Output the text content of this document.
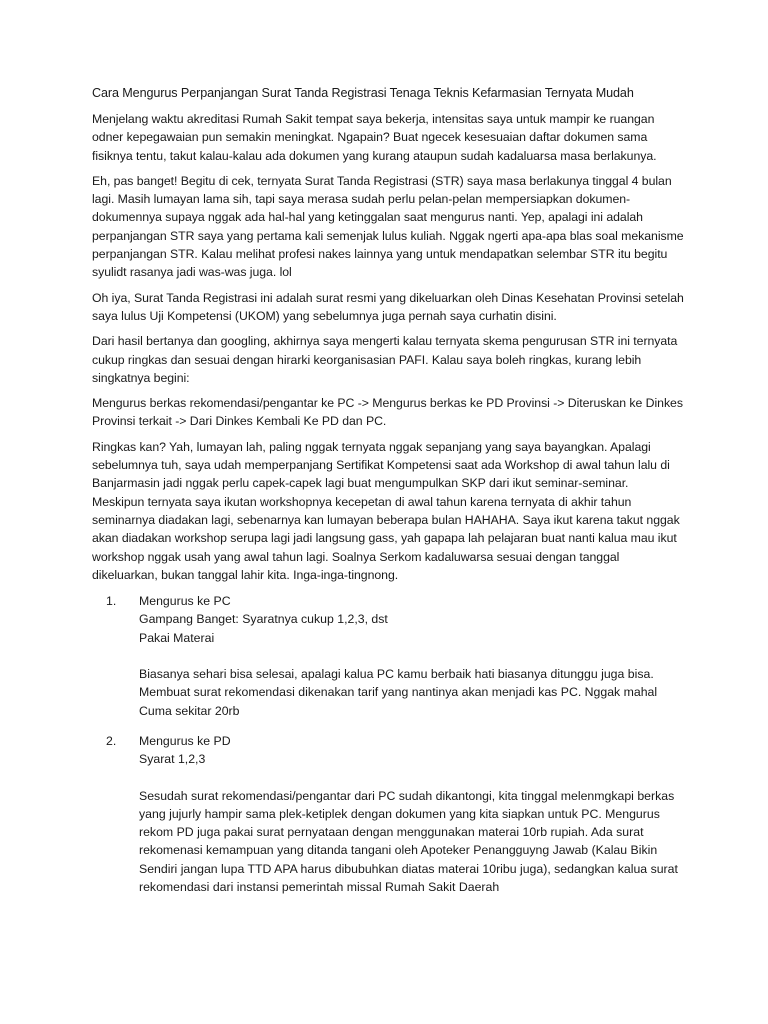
Cara Mengurus Perpanjangan Surat Tanda Registrasi Tenaga Teknis Kefarmasian Ternyata Mudah

Menjelang waktu akreditasi Rumah Sakit tempat saya bekerja, intensitas saya untuk mampir ke ruangan odner kepegawaian pun semakin meningkat. Ngapain? Buat ngecek kesesuaian daftar dokumen sama fisiknya tentu, takut kalau-kalau ada dokumen yang kurang ataupun sudah kadaluarsa masa berlakunya.

Eh, pas banget! Begitu di cek, ternyata Surat Tanda Registrasi (STR) saya masa berlakunya tinggal 4 bulan lagi. Masih lumayan lama sih, tapi saya merasa sudah perlu pelan-pelan mempersiapkan dokumen-dokumennya supaya nggak ada hal-hal yang ketinggalan saat mengurus nanti. Yep, apalagi ini adalah perpanjangan STR saya yang pertama kali semenjak lulus kuliah. Nggak ngerti apa-apa blas soal mekanisme perpanjangan STR. Kalau melihat profesi nakes lainnya yang untuk mendapatkan selembar STR itu begitu syulidt rasanya jadi was-was juga. lol

Oh iya, Surat Tanda Registrasi ini adalah surat resmi yang dikeluarkan oleh Dinas Kesehatan Provinsi setelah saya lulus Uji Kompetensi (UKOM) yang sebelumnya juga pernah saya curhatin disini.

Dari hasil bertanya dan googling, akhirnya saya mengerti kalau ternyata skema pengurusan STR ini ternyata cukup ringkas dan sesuai dengan hirarki keorganisasian PAFI. Kalau saya boleh ringkas, kurang lebih singkatnya begini:

Mengurus berkas rekomendasi/pengantar ke PC -> Mengurus berkas ke PD Provinsi -> Diteruskan ke Dinkes Provinsi terkait -> Dari Dinkes Kembali Ke PD dan PC.

Ringkas kan? Yah, lumayan lah, paling nggak ternyata nggak sepanjang yang saya bayangkan. Apalagi sebelumnya tuh, saya udah memperpanjang Sertifikat Kompetensi saat ada Workshop di awal tahun lalu di Banjarmasin jadi nggak perlu capek-capek lagi buat mengumpulkan SKP dari ikut seminar-seminar. Meskipun ternyata saya ikutan workshopnya kecepetan di awal tahun karena ternyata di akhir tahun seminarnya diadakan lagi, sebenarnya kan lumayan beberapa bulan HAHAHA. Saya ikut karena takut nggak akan diadakan workshop serupa lagi jadi langsung gass, yah gapapa lah pelajaran buat nanti kalua mau ikut workshop nggak usah yang awal tahun lagi. Soalnya Serkom kadaluwarsa sesuai dengan tanggal dikeluarkan, bukan tanggal lahir kita. Inga-inga-tingnong.

1. Mengurus ke PC
Gampang Banget: Syaratnya cukup 1,2,3, dst
Pakai Materai
Biasanya sehari bisa selesai, apalagi kalua PC kamu berbaik hati biasanya ditunggu juga bisa. Membuat surat rekomendasi dikenakan tarif yang nantinya akan menjadi kas PC. Nggak mahal Cuma sekitar 20rb
2. Mengurus ke PD
Syarat 1,2,3
Sesudah surat rekomendasi/pengantar dari PC sudah dikantongi, kita tinggal melenmgkapi berkas yang jujurly hampir sama plek-ketiplek dengan dokumen yang kita siapkan untuk PC. Mengurus rekom PD juga pakai surat pernyataan dengan menggunakan materai 10rb rupiah. Ada surat rekomenasi kemampuan yang ditanda tangani oleh Apoteker Penangguyng Jawab (Kalau Bikin Sendiri jangan lupa TTD APA harus dibubuhkan diatas materai 10ribu juga), sedangkan kalua surat rekomendasi dari instansi pemerintah missal Rumah Sakit Daerah
